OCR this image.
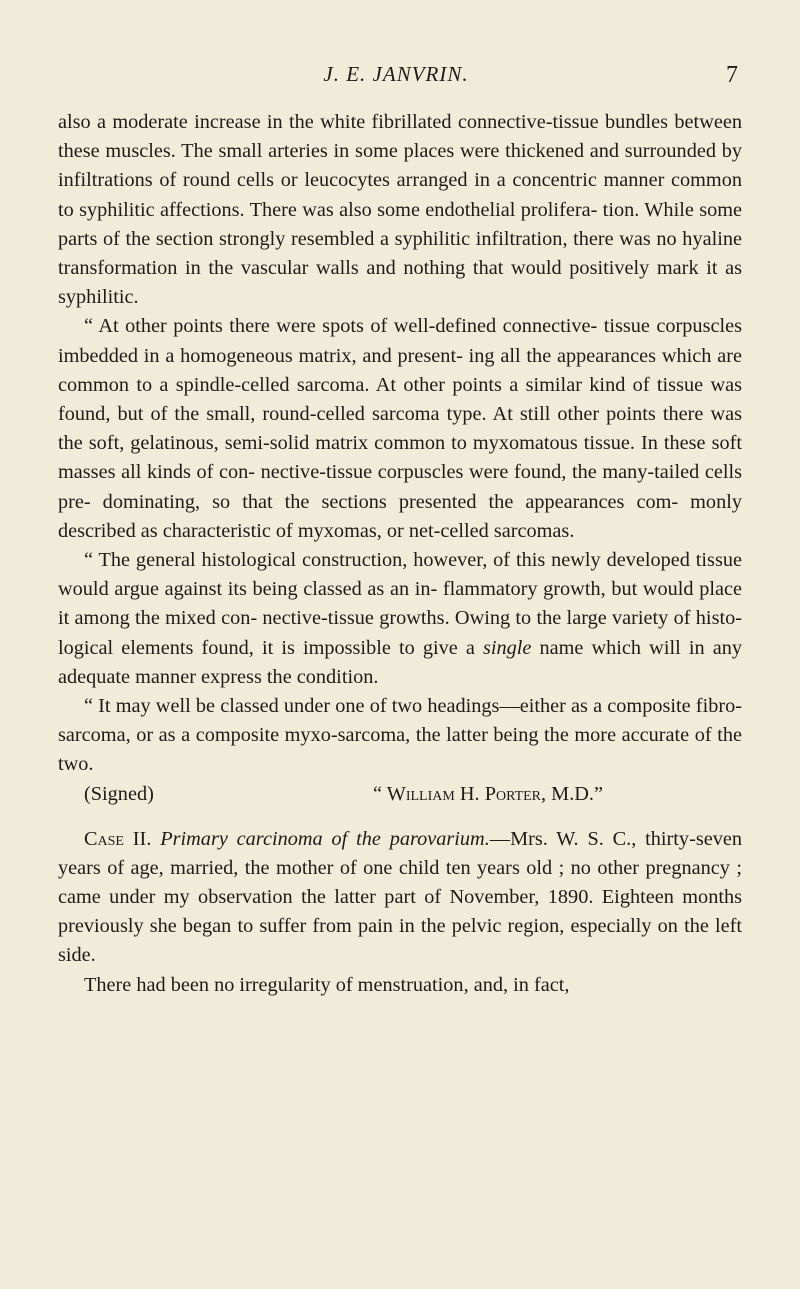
J. E. JANVRIN.	7

also a moderate increase in the white fibrillated connective-tissue bundles between these muscles. The small arteries in some places were thickened and surrounded by infiltrations of round cells or leucocytes arranged in a concentric manner common to syphilitic affections. There was also some endothelial prolifera- tion. While some parts of the section strongly resembled a syphilitic infiltration, there was no hyaline transformation in the vascular walls and nothing that would positively mark it as syphilitic.

“ At other points there were spots of well-defined connective- tissue corpuscles imbedded in a homogeneous matrix, and present- ing all the appearances which are common to a spindle-celled sarcoma. At other points a similar kind of tissue was found, but of the small, round-celled sarcoma type. At still other points there was the soft, gelatinous, semi-solid matrix common to myxomatous tissue. In these soft masses all kinds of con- nective-tissue corpuscles were found, the many-tailed cells pre- dominating, so that the sections presented the appearances com- monly described as characteristic of myxomas, or net-celled sarcomas.

“ The general histological construction, however, of this newly developed tissue would argue against its being classed as an in- flammatory growth, but would place it among the mixed con- nective-tissue growths. Owing to the large variety of histo- logical elements found, it is impossible to give a single name which will in any adequate manner express the condition.

“ It may well be classed under one of two headings—either as a composite fibro-sarcoma, or as a composite myxo-sarcoma, the latter being the more accurate of the two.

(Signed)	“ William H. Porter, M.D.”

Case II. Primary carcinoma of the parovarium.—Mrs. W. S. C., thirty-seven years of age, married, the mother of one child ten years old ; no other pregnancy ; came under my observation the latter part of November, 1890. Eighteen months previously she began to suffer from pain in the pelvic region, especially on the left side.

There had been no irregularity of menstruation, and, in fact,
